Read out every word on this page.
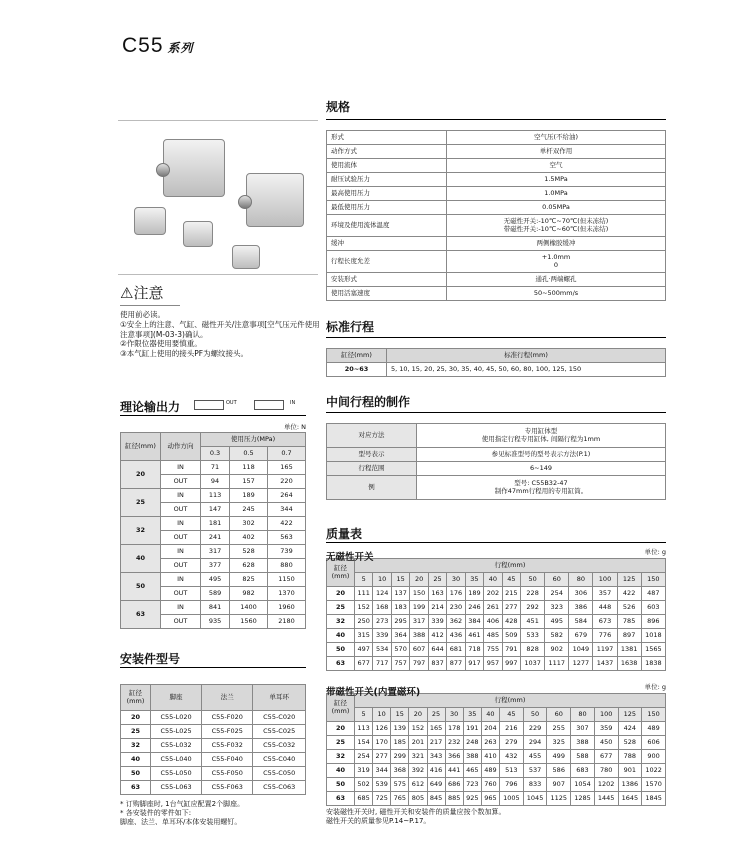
C55 系列
⚠注意
使用前必读。
①安全上的注意、气缸、磁性开关/注意事项[空气压元件使用注意事项](M-03-3)确认。
②作限位器使用要慎重。
③本气缸上使用的接头PF为螺纹接头。
理论输出力	OUT	IN
单位: N
缸径(mm)	动作方向	使用压力(MPa)		
		0.3	0.5	0.7
20	IN	71	118	165
	OUT	94	157	220
25	IN	113	189	264
	OUT	147	245	344
32	IN	181	302	422
	OUT	241	402	563
40	IN	317	528	739
	OUT	377	628	880
50	IN	495	825	1150
	OUT	589	982	1370
63	IN	841	1400	1960
	OUT	935	1560	2180
安装件型号
缸径(mm)	脚座	法兰	单耳环
20	C55-L020	C55-F020	C55-C020
25	C55-L025	C55-F025	C55-C025
32	C55-L032	C55-F032	C55-C032
40	C55-L040	C55-F040	C55-C040
50	C55-L050	C55-F050	C55-C050
63	C55-L063	C55-F063	C55-C063
* 订购脚座时, 1台气缸应配置2个脚座。
* 各安装件的零件如下:
脚座、法兰、单耳环/本体安装用螺钉。
规格
形式	空气压(不给油)
动作方式	单杆双作用
使用流体	空气
耐压试验压力	1.5MPa
最高使用压力	1.0MPa
最低使用压力	0.05MPa
环境及使用流体温度	无磁性开关:-10℃~70℃(但未冻结)
带磁性开关:-10℃~60℃(但未冻结)
缓冲	两侧橡胶缓冲
行程长度允差	+1.0mm
0
安装形式	通孔·两端螺孔
使用活塞速度	50~500mm/s
标准行程
缸径(mm)	标准行程(mm)
20~63	5, 10, 15, 20, 25, 30, 35, 40, 45, 50, 60, 80, 100, 125, 150
中间行程的制作
对应方法	专用缸体型
使用指定行程专用缸体, 间隔行程为1mm
型号表示	参见标准型号的型号表示方法(P.1)
行程范围	6~149
例	型号: C55B32-47
制作47mm行程用的专用缸筒。
质量表
无磁性开关	单位: g
缸径(mm)	行程(mm)														
	5	10	15	20	25	30	35	40	45	50	60	80	100	125	150
20	111	124	137	150	163	176	189	202	215	228	254	306	357	422	487
25	152	168	183	199	214	230	246	261	277	292	323	386	448	526	603
32	250	273	295	317	339	362	384	406	428	451	495	584	673	785	896
40	315	339	364	388	412	436	461	485	509	533	582	679	776	897	1018
50	497	534	570	607	644	681	718	755	791	828	902	1049	1197	1381	1565
63	677	717	757	797	837	877	917	957	997	1037	1117	1277	1437	1638	1838
带磁性开关(内置磁环)	单位: g
缸径(mm)	行程(mm)														
	5	10	15	20	25	30	35	40	45	50	60	80	100	125	150
20	113	126	139	152	165	178	191	204	216	229	255	307	359	424	489
25	154	170	185	201	217	232	248	263	279	294	325	388	450	528	606
32	254	277	299	321	343	366	388	410	432	455	499	588	677	788	900
40	319	344	368	392	416	441	465	489	513	537	586	683	780	901	1022
50	502	539	575	612	649	686	723	760	796	833	907	1054	1202	1386	1570
63	685	725	765	805	845	885	925	965	1005	1045	1125	1285	1445	1645	1845
安装磁性开关时, 磁性开关和安装件的质量应按个数加算。
磁性开关的质量参见P.14~P.17。
